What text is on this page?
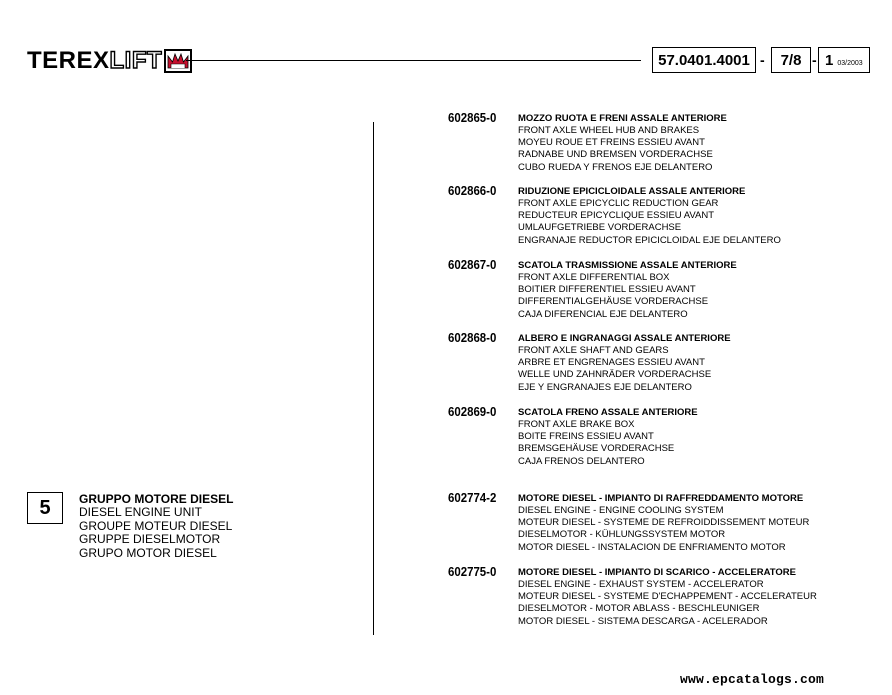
TEREX LIFT	57.0401.4001 - 7/8 - 1 03/2003
5 GRUPPO MOTORE DIESEL
DIESEL ENGINE UNIT
GROUPE MOTEUR DIESEL
GRUPPE DIESELMOTOR
GRUPO MOTOR DIESEL
602865-0 MOZZO RUOTA E FRENI ASSALE ANTERIORE
FRONT AXLE WHEEL HUB AND BRAKES
MOYEU ROUE ET FREINS ESSIEU AVANT
RADNABE UND BREMSEN VORDERACHSE
CUBO RUEDA Y FRENOS EJE DELANTERO
602866-0 RIDUZIONE EPICICLOIDALE ASSALE ANTERIORE
FRONT AXLE EPICYCLIC REDUCTION GEAR
REDUCTEUR EPICYCLIQUE ESSIEU AVANT
UMLAUFGETRIEBE VORDERACHSE
ENGRANAJE REDUCTOR EPICICLOIDAL EJE DELANTERO
602867-0 SCATOLA TRASMISSIONE ASSALE ANTERIORE
FRONT AXLE DIFFERENTIAL BOX
BOITIER DIFFERENTIEL ESSIEU AVANT
DIFFERENTIALGEHÄUSE VORDERACHSE
CAJA DIFERENCIAL EJE DELANTERO
602868-0 ALBERO E INGRANAGGI ASSALE ANTERIORE
FRONT AXLE SHAFT AND GEARS
ARBRE ET ENGRENAGES ESSIEU AVANT
WELLE UND ZAHNRÄDER VORDERACHSE
EJE Y ENGRANAJES EJE DELANTERO
602869-0 SCATOLA FRENO ASSALE ANTERIORE
FRONT AXLE BRAKE BOX
BOITE FREINS ESSIEU AVANT
BREMSGEHÄUSE VORDERACHSE
CAJA FRENOS DELANTERO
602774-2 MOTORE DIESEL - IMPIANTO DI RAFFREDDAMENTO MOTORE
DIESEL ENGINE - ENGINE COOLING SYSTEM
MOTEUR DIESEL - SYSTEME DE REFROIDDISSEMENT MOTEUR
DIESELMOTOR - KÜHLUNGSSYSTEM MOTOR
MOTOR DIESEL - INSTALACION DE ENFRIAMENTO MOTOR
602775-0 MOTORE DIESEL - IMPIANTO DI SCARICO - ACCELERATORE
DIESEL ENGINE - EXHAUST SYSTEM - ACCELERATOR
MOTEUR DIESEL - SYSTEME D'ECHAPPEMENT - ACCELERATEUR
DIESELMOTOR - MOTOR ABLASS - BESCHLEUNIGER
MOTOR DIESEL - SISTEMA DESCARGA - ACELERADOR
www.epcatalogs.com
